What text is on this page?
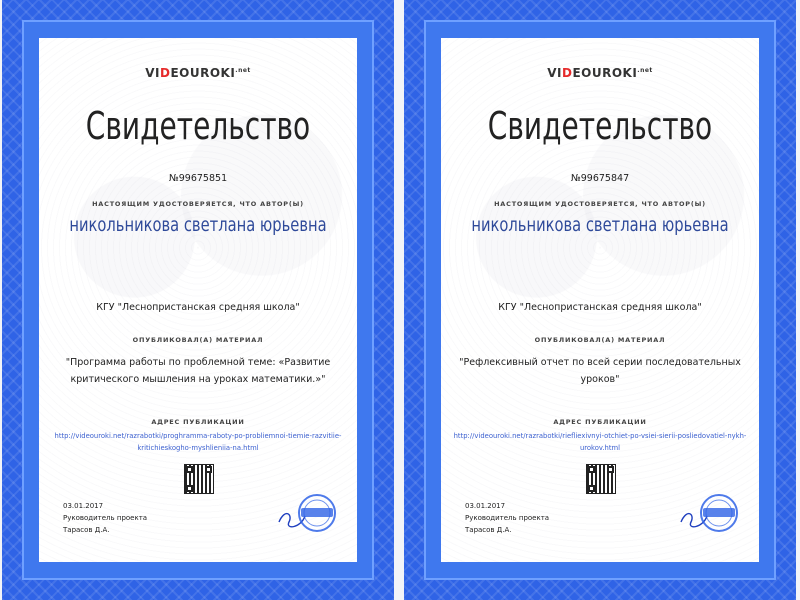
$VIDEOUROKI^{.net}$
Свидетельство
№99675851
НАСТОЯЩИМ УДОСТОВЕРЯЕТСЯ, ЧТО АВТОР(Ы)
никольникова светлана юрьевна
КГУ "Леснопристанская средняя школа"
ОПУБЛИКОВАЛ(А) МАТЕРИАЛ
"Программа работы по проблемной теме: «Развитие критического мышления на уроках математики.»"
АДРЕС ПУБЛИКАЦИИ
http://videouroki.net/razrabotki/proghramma-raboty-po-probliemnoi-tiemie-razvitiie-kritichieskogho-myshlieniia-na.html
03.01.2017
Руководитель проекта
Тарасов Д.А.
$VIDEOUROKI^{.net}$
Свидетельство
№99675847
НАСТОЯЩИМ УДОСТОВЕРЯЕТСЯ, ЧТО АВТОР(Ы)
никольникова светлана юрьевна
КГУ "Леснопристанская средняя школа"
ОПУБЛИКОВАЛ(А) МАТЕРИАЛ
"Рефлексивный отчет по всей серии последовательных уроков"
АДРЕС ПУБЛИКАЦИИ
http://videouroki.net/razrabotki/riefliexivnyi-otchiet-po-vsiei-sierii-posliedovatiel-nykh-urokov.html
03.01.2017
Руководитель проекта
Тарасов Д.А.
